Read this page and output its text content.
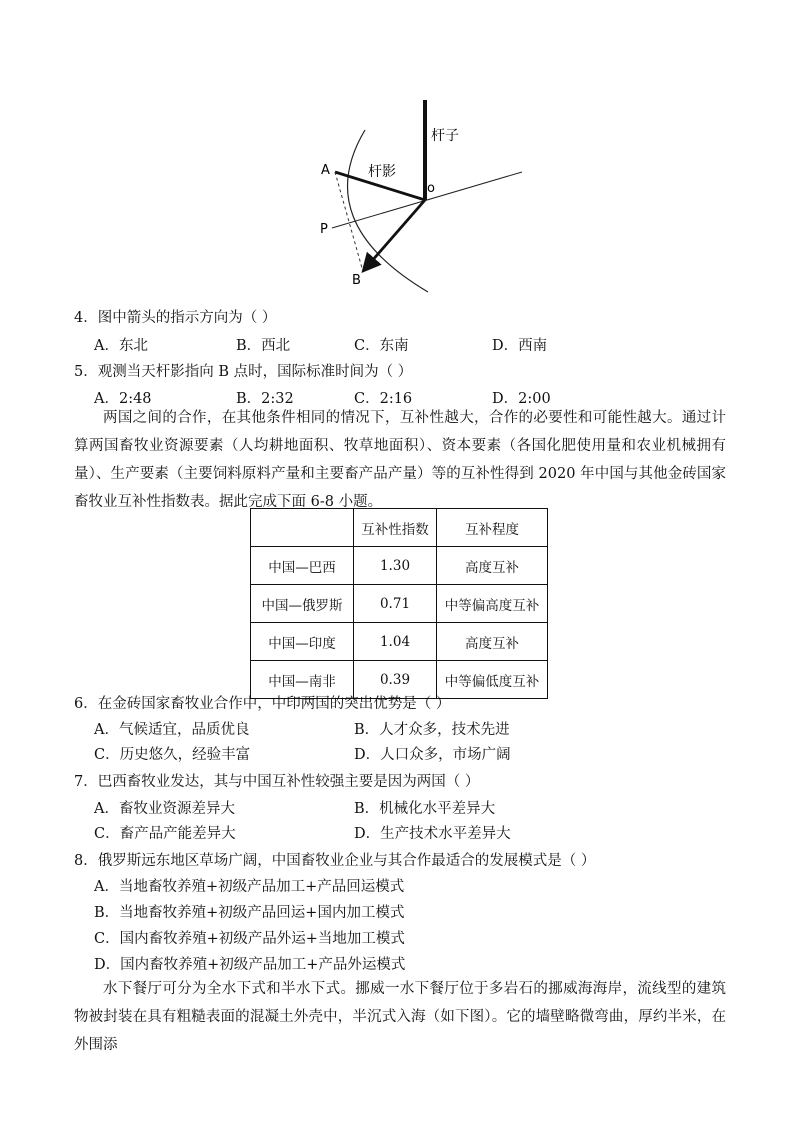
杆子
杆影
A
o
P
B
4．图中箭头的指示方向为（ ）
A．东北	B．西北	C．东南	D．西南
5．观测当天杆影指向 B 点时，国际标准时间为（ ）
A．2:48	B．2:32	C．2:16	D．2:00
两国之间的合作，在其他条件相同的情况下，互补性越大，合作的必要性和可能性越大。通过计算两国畜牧业资源要素（人均耕地面积、牧草地面积）、资本要素（各国化肥使用量和农业机械拥有量）、生产要素（主要饲料原料产量和主要畜产品产量）等的互补性得到 2020 年中国与其他金砖国家畜牧业互补性指数表。据此完成下面 6-8 小题。
	互补性指数	互补程度
中国—巴西	1.30	高度互补
中国—俄罗斯	0.71	中等偏高度互补
中国—印度	1.04	高度互补
中国—南非	0.39	中等偏低度互补
6．在金砖国家畜牧业合作中，中印两国的突出优势是（ ）
A．气候适宜，品质优良	B．人才众多，技术先进
C．历史悠久，经验丰富	D．人口众多，市场广阔
7．巴西畜牧业发达，其与中国互补性较强主要是因为两国（ ）
A．畜牧业资源差异大	B．机械化水平差异大
C．畜产品产能差异大	D．生产技术水平差异大
8．俄罗斯远东地区草场广阔，中国畜牧业企业与其合作最适合的发展模式是（ ）
A．当地畜牧养殖+初级产品加工+产品回运模式
B．当地畜牧养殖+初级产品回运+国内加工模式
C．国内畜牧养殖+初级产品外运+当地加工模式
D．国内畜牧养殖+初级产品加工+产品外运模式
水下餐厅可分为全水下式和半水下式。挪威一水下餐厅位于多岩石的挪威海海岸，流线型的建筑物被封装在具有粗糙表面的混凝土外壳中，半沉式入海（如下图）。它的墙壁略微弯曲，厚约半米，在外围添
